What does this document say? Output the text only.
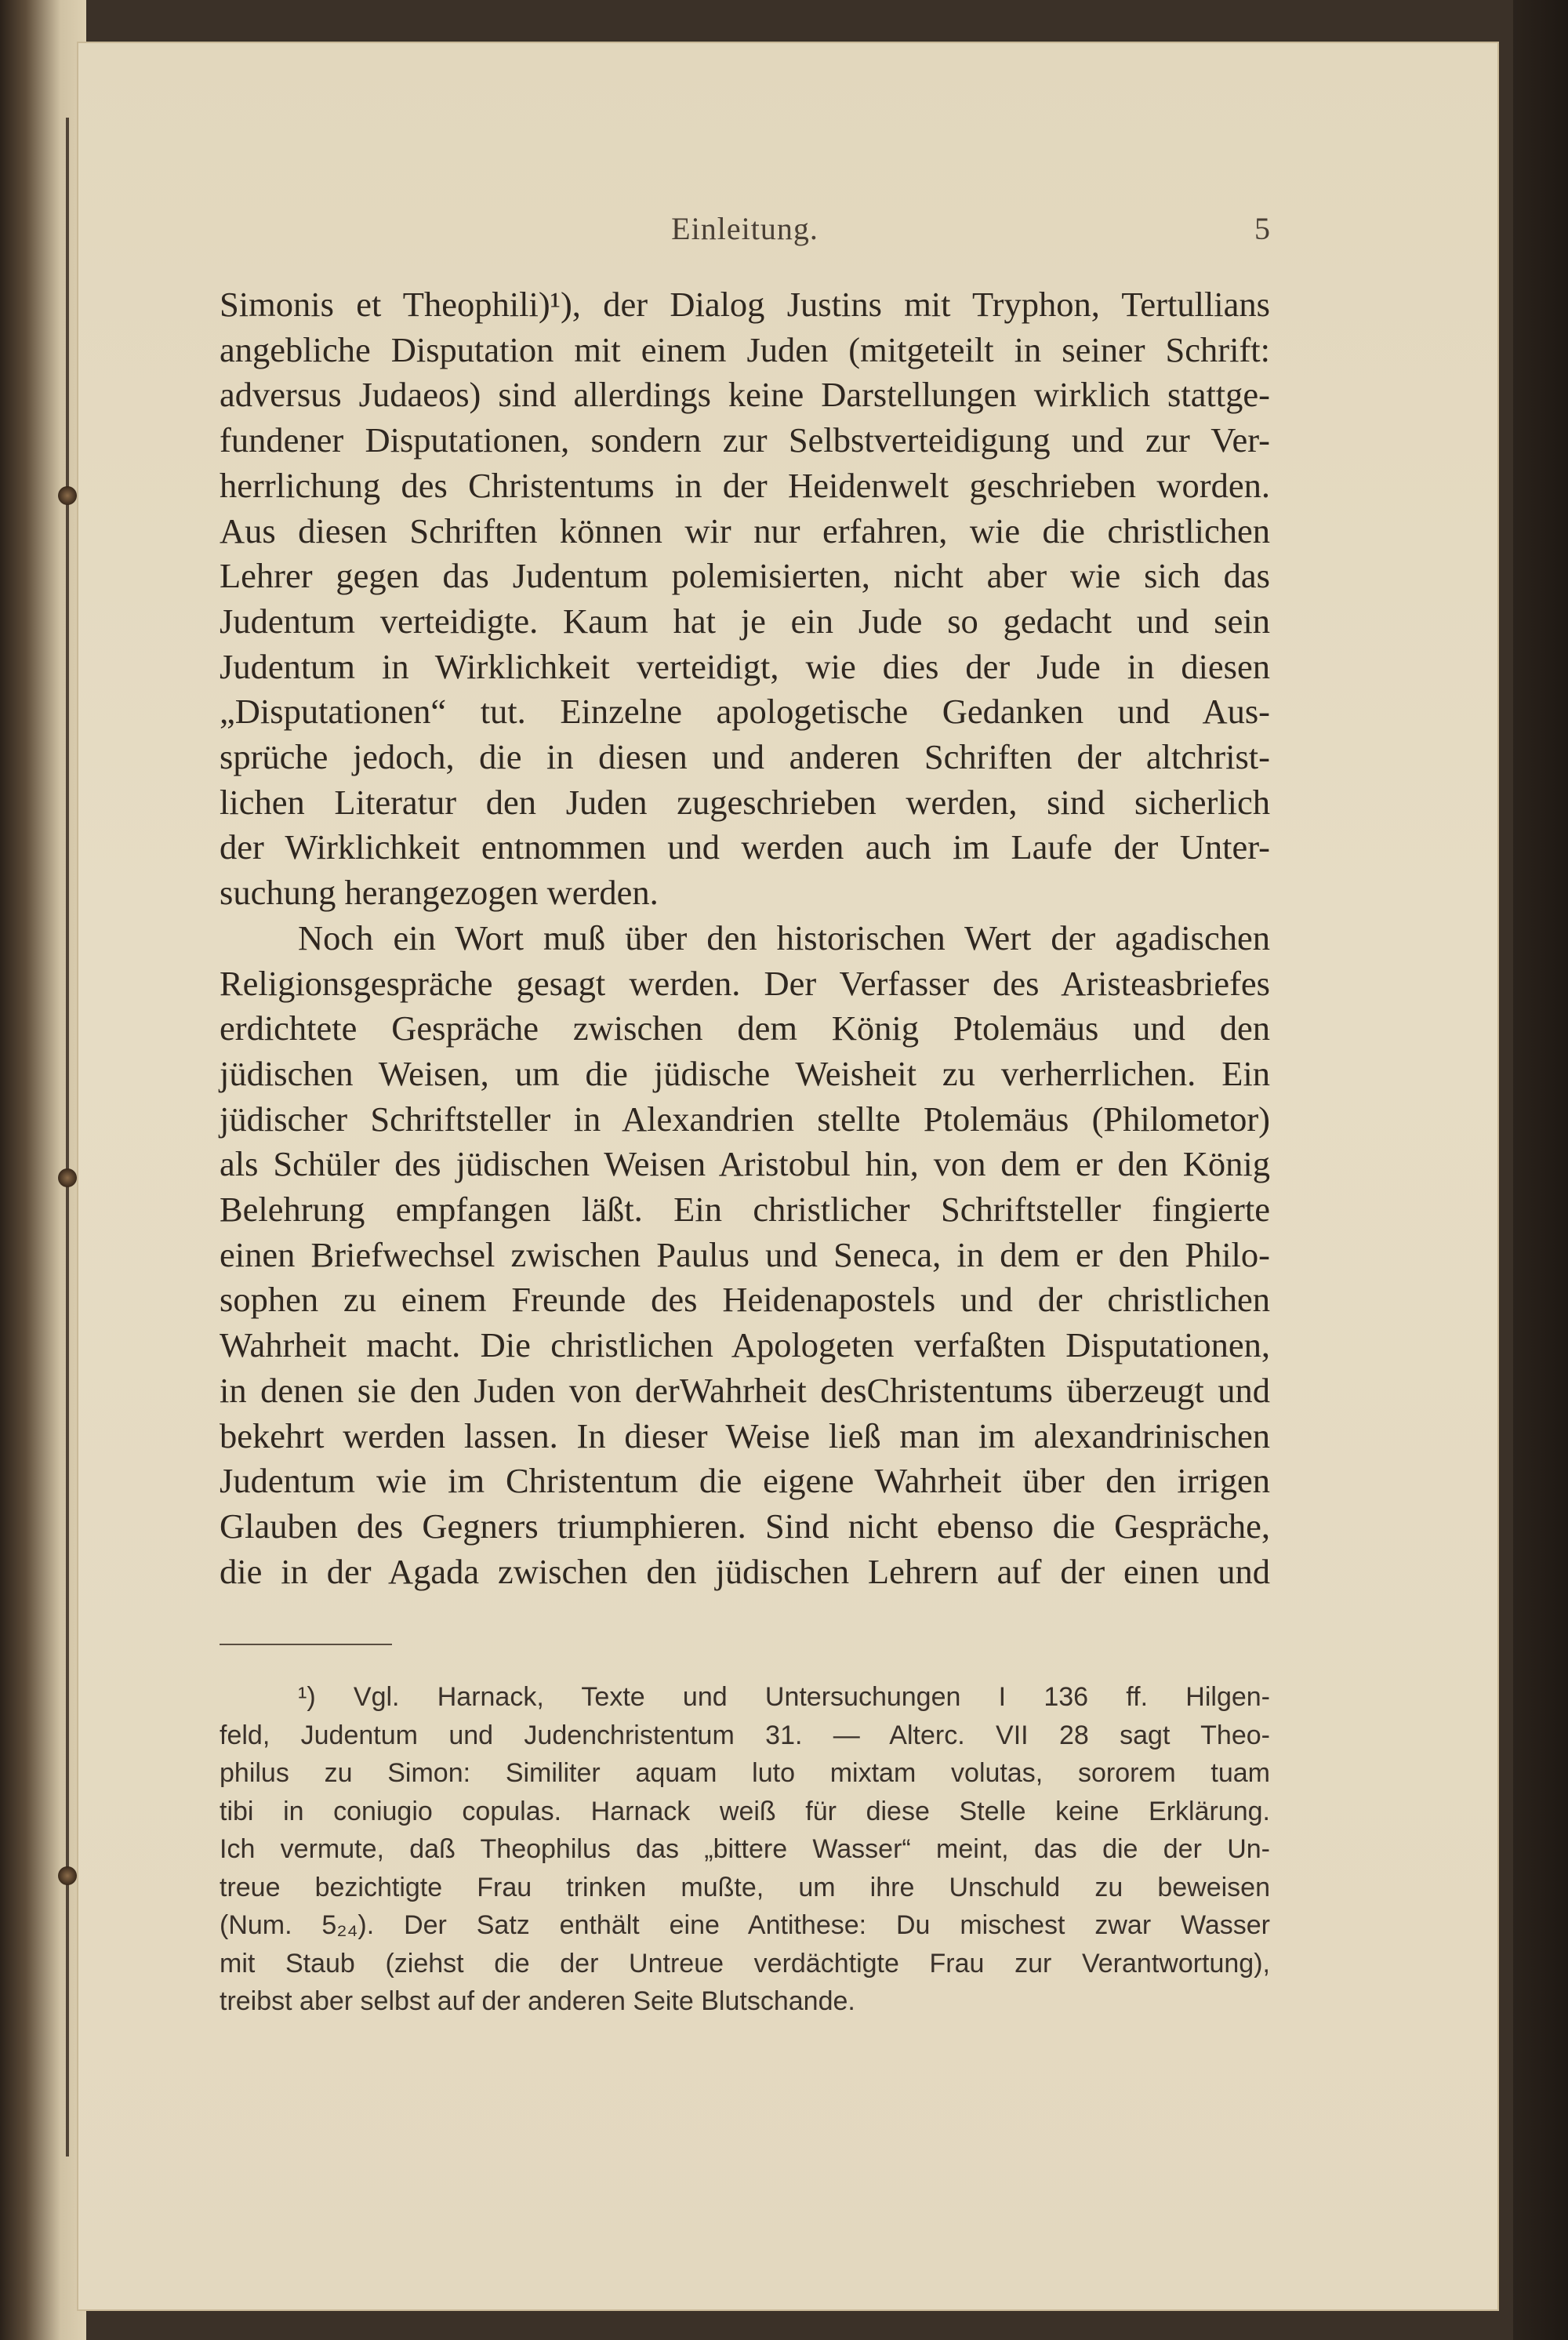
Einleitung.	5
Simonis et Theophili)¹), der Dialog Justins mit Tryphon, Tertullians
angebliche Disputation mit einem Juden (mitgeteilt in seiner Schrift:
adversus Judaeos) sind allerdings keine Darstellungen wirklich stattge-
fundener Disputationen, sondern zur Selbstverteidigung und zur Ver-
herrlichung des Christentums in der Heidenwelt geschrieben worden.
Aus diesen Schriften können wir nur erfahren, wie die christlichen
Lehrer gegen das Judentum polemisierten, nicht aber wie sich das
Judentum verteidigte. Kaum hat je ein Jude so gedacht und sein
Judentum in Wirklichkeit verteidigt, wie dies der Jude in diesen
„Disputationen“ tut. Einzelne apologetische Gedanken und Aus-
sprüche jedoch, die in diesen und anderen Schriften der altchrist-
lichen Literatur den Juden zugeschrieben werden, sind sicherlich
der Wirklichkeit entnommen und werden auch im Laufe der Unter-
suchung herangezogen werden.
Noch ein Wort muß über den historischen Wert der agadischen
Religionsgespräche gesagt werden. Der Verfasser des Aristeasbriefes
erdichtete Gespräche zwischen dem König Ptolemäus und den
jüdischen Weisen, um die jüdische Weisheit zu verherrlichen. Ein
jüdischer Schriftsteller in Alexandrien stellte Ptolemäus (Philometor)
als Schüler des jüdischen Weisen Aristobul hin, von dem er den König
Belehrung empfangen läßt. Ein christlicher Schriftsteller fingierte
einen Briefwechsel zwischen Paulus und Seneca, in dem er den Philo-
sophen zu einem Freunde des Heidenapostels und der christlichen
Wahrheit macht. Die christlichen Apologeten verfaßten Disputationen,
in denen sie den Juden von derWahrheit desChristentums überzeugt und
bekehrt werden lassen. In dieser Weise ließ man im alexandrinischen
Judentum wie im Christentum die eigene Wahrheit über den irrigen
Glauben des Gegners triumphieren. Sind nicht ebenso die Gespräche,
die in der Agada zwischen den jüdischen Lehrern auf der einen und
¹) Vgl. Harnack, Texte und Untersuchungen I 136 ff. Hilgen-
feld, Judentum und Judenchristentum 31. — Alterc. VII 28 sagt Theo-
philus zu Simon: Similiter aquam luto mixtam volutas, sororem tuam
tibi in coniugio copulas. Harnack weiß für diese Stelle keine Erklärung.
Ich vermute, daß Theophilus das „bittere Wasser“ meint, das die der Un-
treue bezichtigte Frau trinken mußte, um ihre Unschuld zu beweisen
(Num. 5₂₄). Der Satz enthält eine Antithese: Du mischest zwar Wasser
mit Staub (ziehst die der Untreue verdächtigte Frau zur Verantwortung),
treibst aber selbst auf der anderen Seite Blutschande.
